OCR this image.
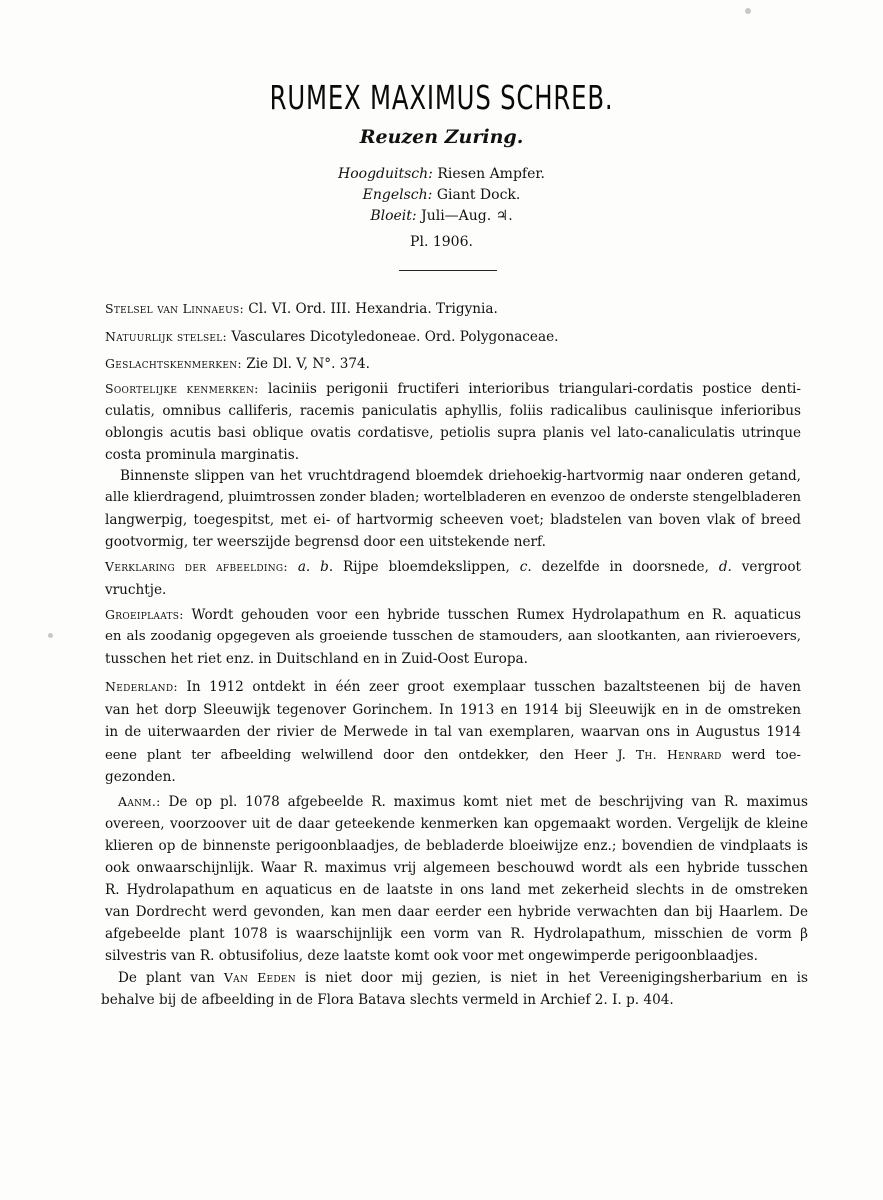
RUMEX MAXIMUS SCHREB.
Reuzen Zuring.
Hoogduitsch: Riesen Ampfer.
Engelsch: Giant Dock.
Bloeit: Juli—Aug. ♃.
Pl. 1906.
Stelsel van Linnaeus: Cl. VI. Ord. III. Hexandria. Trigynia.
Natuurlijk stelsel: Vasculares Dicotyledoneae. Ord. Polygonaceae.
Geslachtskenmerken: Zie Dl. V, N°. 374.
Soortelijke kenmerken: laciniis perigonii fructiferi interioribus triangulari-cordatis postice denti-
culatis, omnibus calliferis, racemis paniculatis aphyllis, foliis radicalibus caulinisque inferioribus
oblongis acutis basi oblique ovatis cordatisve, petiolis supra planis vel lato-canaliculatis utrinque
costa prominula marginatis.
Binnenste slippen van het vruchtdragend bloemdek driehoekig-hartvormig naar onderen getand,
alle klierdragend, pluimtrossen zonder bladen; wortelbladeren en evenzoo de onderste stengelbladeren
langwerpig, toegespitst, met ei- of hartvormig scheeven voet; bladstelen van boven vlak of breed
gootvormig, ter weerszijde begrensd door een uitstekende nerf.
Verklaring der afbeelding: a. b. Rijpe bloemdekslippen, c. dezelfde in doorsnede, d. vergroot
vruchtje.
Groeiplaats: Wordt gehouden voor een hybride tusschen Rumex Hydrolapathum en R. aquaticus
en als zoodanig opgegeven als groeiende tusschen de stamouders, aan slootkanten, aan rivieroevers,
tusschen het riet enz. in Duitschland en in Zuid-Oost Europa.
Nederland: In 1912 ontdekt in één zeer groot exemplaar tusschen bazaltsteenen bij de haven
van het dorp Sleeuwijk tegenover Gorinchem. In 1913 en 1914 bij Sleeuwijk en in de omstreken
in de uiterwaarden der rivier de Merwede in tal van exemplaren, waarvan ons in Augustus 1914
eene plant ter afbeelding welwillend door den ontdekker, den Heer J. Th. Henrard werd toe-
gezonden.
Aanm.: De op pl. 1078 afgebeelde R. maximus komt niet met de beschrijving van R. maximus
overeen, voorzoover uit de daar geteekende kenmerken kan opgemaakt worden. Vergelijk de kleine
klieren op de binnenste perigoonblaadjes, de bebladerde bloeiwijze enz.; bovendien de vindplaats is
ook onwaarschijnlijk. Waar R. maximus vrij algemeen beschouwd wordt als een hybride tusschen
R. Hydrolapathum en aquaticus en de laatste in ons land met zekerheid slechts in de omstreken
van Dordrecht werd gevonden, kan men daar eerder een hybride verwachten dan bij Haarlem. De
afgebeelde plant 1078 is waarschijnlijk een vorm van R. Hydrolapathum, misschien de vorm β
silvestris van R. obtusifolius, deze laatste komt ook voor met ongewimperde perigoonblaadjes.
De plant van Van Eeden is niet door mij gezien, is niet in het Vereenigingsherbarium en is
behalve bij de afbeelding in de Flora Batava slechts vermeld in Archief 2. I. p. 404.
